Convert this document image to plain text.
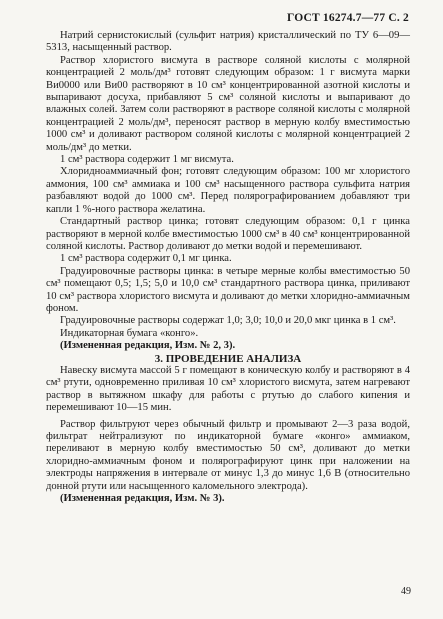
ГОСТ 16274.7—77 С. 2

Натрий сернистокислый (сульфит натрия) кристаллический по ТУ 6—09—5313, насыщенный раствор.

Раствор хлористого висмута в растворе соляной кислоты с молярной концентрацией 2 моль/дм³ готовят следующим образом: 1 г висмута марки Ви0000 или Ви00 растворяют в 10 см³ концентрированной азотной кислоты и выпаривают досуха, прибавляют 5 см³ соляной кислоты и выпаривают до влажных солей. Затем соли растворяют в растворе соляной кислоты с молярной концентрацией 2 моль/дм³, переносят раствор в мерную колбу вместимостью 1000 см³ и доливают раствором соляной кислоты с молярной концентрацией 2 моль/дм³ до метки.

1 см³ раствора содержит 1 мг висмута.

Хлоридноаммиачный фон; готовят следующим образом: 100 мг хлористого аммония, 100 см³ аммиака и 100 см³ насыщенного раствора сульфита натрия разбавляют водой до 1000 см³. Перед полярографированием добавляют три капли 1 %-ного раствора желатина.

Стандартный раствор цинка; готовят следующим образом: 0,1 г цинка растворяют в мерной колбе вместимостью 1000 см³ в 40 см³ концентрированной соляной кислоты. Раствор доливают до метки водой и перемешивают.

1 см³ раствора содержит 0,1 мг цинка.

Градуировочные растворы цинка: в четыре мерные колбы вместимостью 50 см³ помещают 0,5; 1,5; 5,0 и 10,0 см³ стандартного раствора цинка, приливают 10 см³ раствора хлористого висмута и доливают до метки хлоридно-аммиачным фоном.

Градуировочные растворы содержат 1,0; 3,0; 10,0 и 20,0 мкг цинка в 1 см³.

Индикаторная бумага «конго».

(Измененная редакция, Изм. № 2, 3).

3. ПРОВЕДЕНИЕ АНАЛИЗА

Навеску висмута массой 5 г помещают в коническую колбу и растворяют в 4 см³ ртути, одновременно приливая 10 см³ хлористого висмута, затем нагревают раствор в вытяжном шкафу для работы с ртутью до слабого кипения и перемешивают 10—15 мин.

Раствор фильтруют через обычный фильтр и промывают 2—3 раза водой, фильтрат нейтрализуют по индикаторной бумаге «конго» аммиаком, переливают в мерную колбу вместимостью 50 см³, доливают до метки хлоридно-аммиачным фоном и полярографируют цинк при наложении на электроды напряжения в интервале от минус 1,3 до минус 1,6 В (относительно донной ртути или насыщенного каломельного электрода).

(Измененная редакция, Изм. № 3).

49
